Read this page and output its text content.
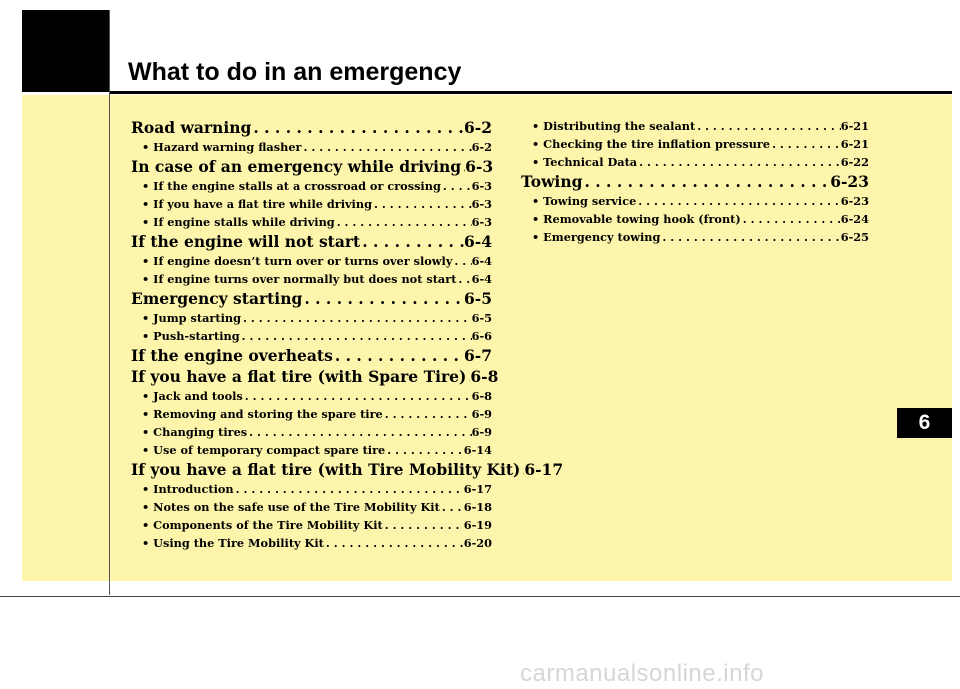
What to do in an emergency
Road warning . . .	6-2
• Hazard warning flasher . . .	6-2
In case of an emergency while driving . . . 6-3
• If the engine stalls at a crossroad or crossing . . .	6-3
• If you have a flat tire while driving . . .	6-3
• If engine stalls while driving . . .	6-3
If the engine will not start . . .	6-4
• If engine doesn’t turn over or turns over slowly . . . 6-4
• If engine turns over normally but does not start . . . 6-4
Emergency starting . . .	6-5
• Jump starting . . .	6-5
• Push-starting . . .	6-6
If the engine overheats . . .	6-7
If you have a flat tire (with Spare Tire) . . . 6-8
• Jack and tools . . .	6-8
• Removing and storing the spare tire . . .	6-9
• Changing tires . . .	6-9
• Use of temporary compact spare tire . . .	6-14
If you have a flat tire (with Tire Mobility Kit) . . . 6-17
• Introduction . . .	6-17
• Notes on the safe use of the Tire Mobility Kit . . . 6-18
• Components of the Tire Mobility Kit . . .	6-19
• Using the Tire Mobility Kit . . .	6-20
• Distributing the sealant . . .	6-21
• Checking the tire inflation pressure . . .	6-21
• Technical Data . . .	6-22
Towing . . .	6-23
• Towing service . . .	6-23
• Removable towing hook (front) . . .	6-24
• Emergency towing . . .	6-25
6
carmanualsonline.info
